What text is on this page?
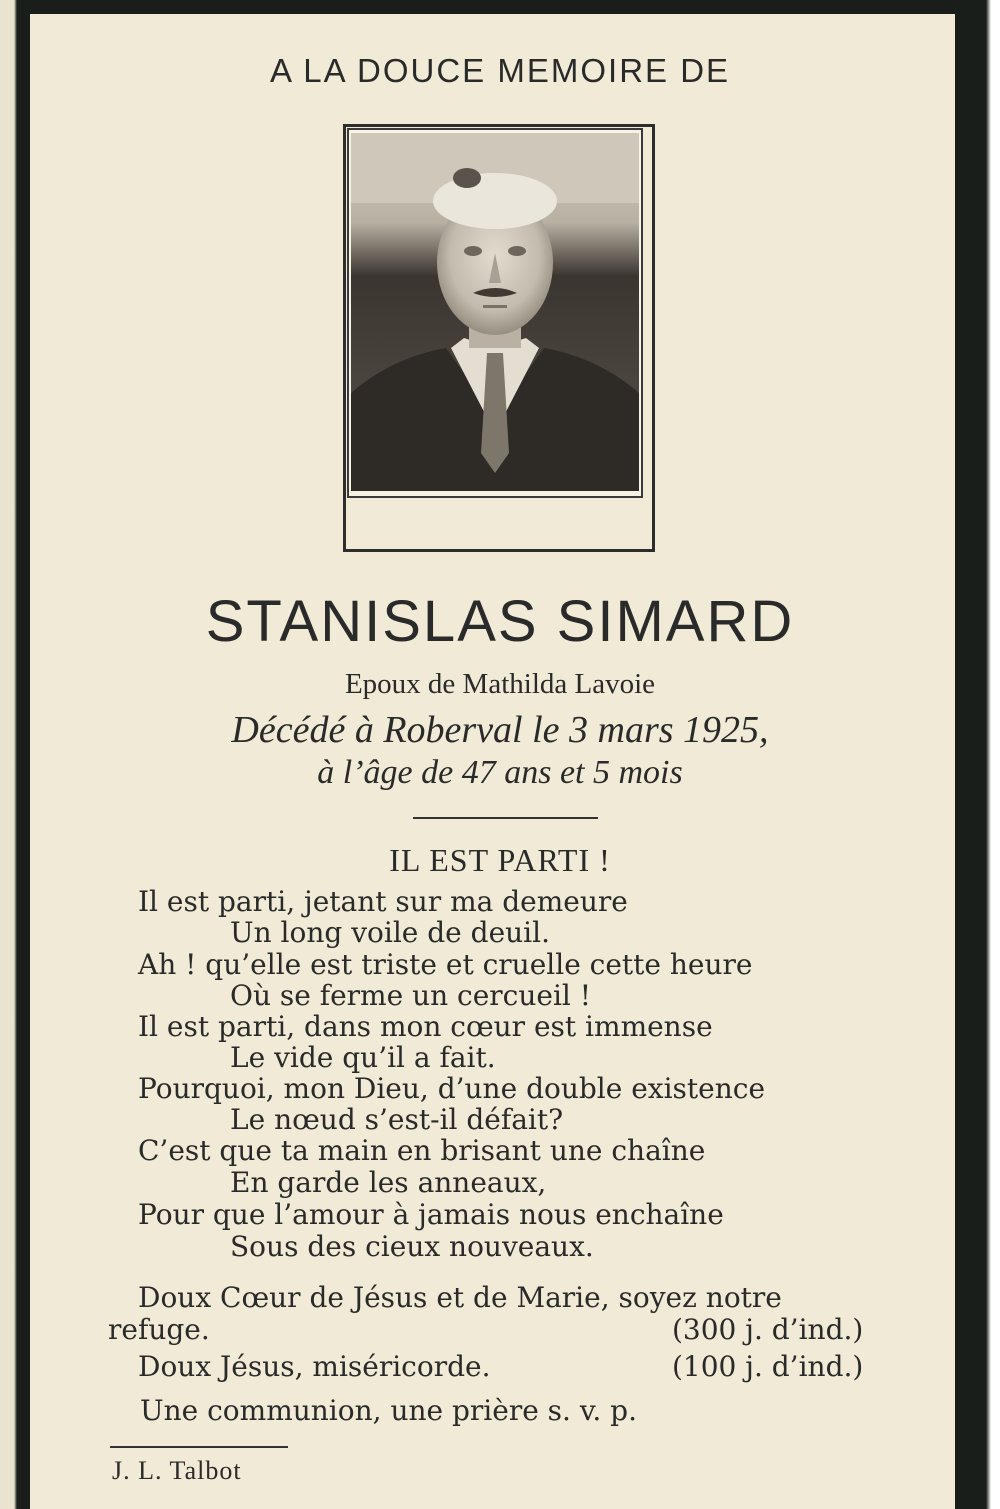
A LA DOUCE MEMOIRE DE
STANISLAS SIMARD
Epoux de Mathilda Lavoie
Décédé à Roberval le 3 mars 1925,
à l’âge de 47 ans et 5 mois
IL EST PARTI !
Il est parti, jetant sur ma demeure
Un long voile de deuil.
Ah ! qu’elle est triste et cruelle cette heure
Où se ferme un cercueil !
Il est parti, dans mon cœur est immense
Le vide qu’il a fait.
Pourquoi, mon Dieu, d’une double existence
Le nœud s’est-il défait?
C’est que ta main en brisant une chaîne
En garde les anneaux,
Pour que l’amour à jamais nous enchaîne
Sous des cieux nouveaux.
Doux Cœur de Jésus et de Marie, soyez notre
refuge.	(300 j. d’ind.)
Doux Jésus, miséricorde.	(100 j. d’ind.)
Une communion, une prière s. v. p.
J. L. Talbot
